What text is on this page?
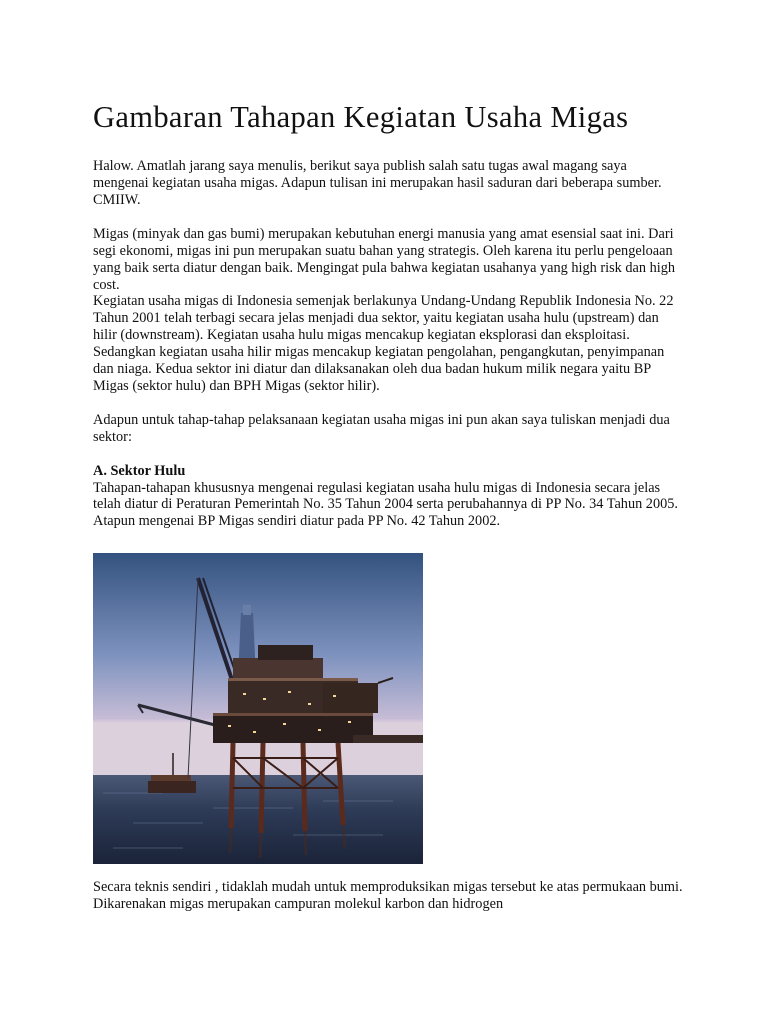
Gambaran Tahapan Kegiatan Usaha Migas

Halow. Amatlah jarang saya menulis, berikut saya publish salah satu tugas awal magang saya mengenai kegiatan usaha migas. Adapun tulisan ini merupakan hasil saduran dari beberapa sumber. CMIIW.

Migas (minyak dan gas bumi) merupakan kebutuhan energi manusia yang amat esensial saat ini. Dari segi ekonomi, migas ini pun merupakan suatu bahan yang strategis. Oleh karena itu perlu pengeloaan yang baik serta diatur dengan baik. Mengingat pula bahwa kegiatan usahanya yang high risk dan high cost.

Kegiatan usaha migas di Indonesia semenjak berlakunya Undang-Undang Republik Indonesia No. 22 Tahun 2001 telah terbagi secara jelas menjadi dua sektor, yaitu kegiatan usaha hulu (upstream) dan hilir (downstream). Kegiatan usaha hulu migas mencakup kegiatan eksplorasi dan eksploitasi. Sedangkan kegiatan usaha hilir migas mencakup kegiatan pengolahan, pengangkutan, penyimpanan dan niaga. Kedua sektor ini diatur dan dilaksanakan oleh dua badan hukum milik negara yaitu BP Migas (sektor hulu) dan BPH Migas (sektor hilir).

Adapun untuk tahap-tahap pelaksanaan kegiatan usaha migas ini pun akan saya tuliskan menjadi dua sektor:

A. Sektor Hulu

Tahapan-tahapan khususnya mengenai regulasi kegiatan usaha hulu migas di Indonesia secara jelas telah diatur di Peraturan Pemerintah No. 35 Tahun 2004 serta perubahannya di PP No. 34 Tahun 2005. Atapun mengenai BP Migas sendiri diatur pada PP No. 42 Tahun 2002.

Secara teknis sendiri , tidaklah mudah untuk memproduksikan migas tersebut ke atas permukaan bumi. Dikarenakan migas merupakan campuran molekul karbon dan hidrogen
